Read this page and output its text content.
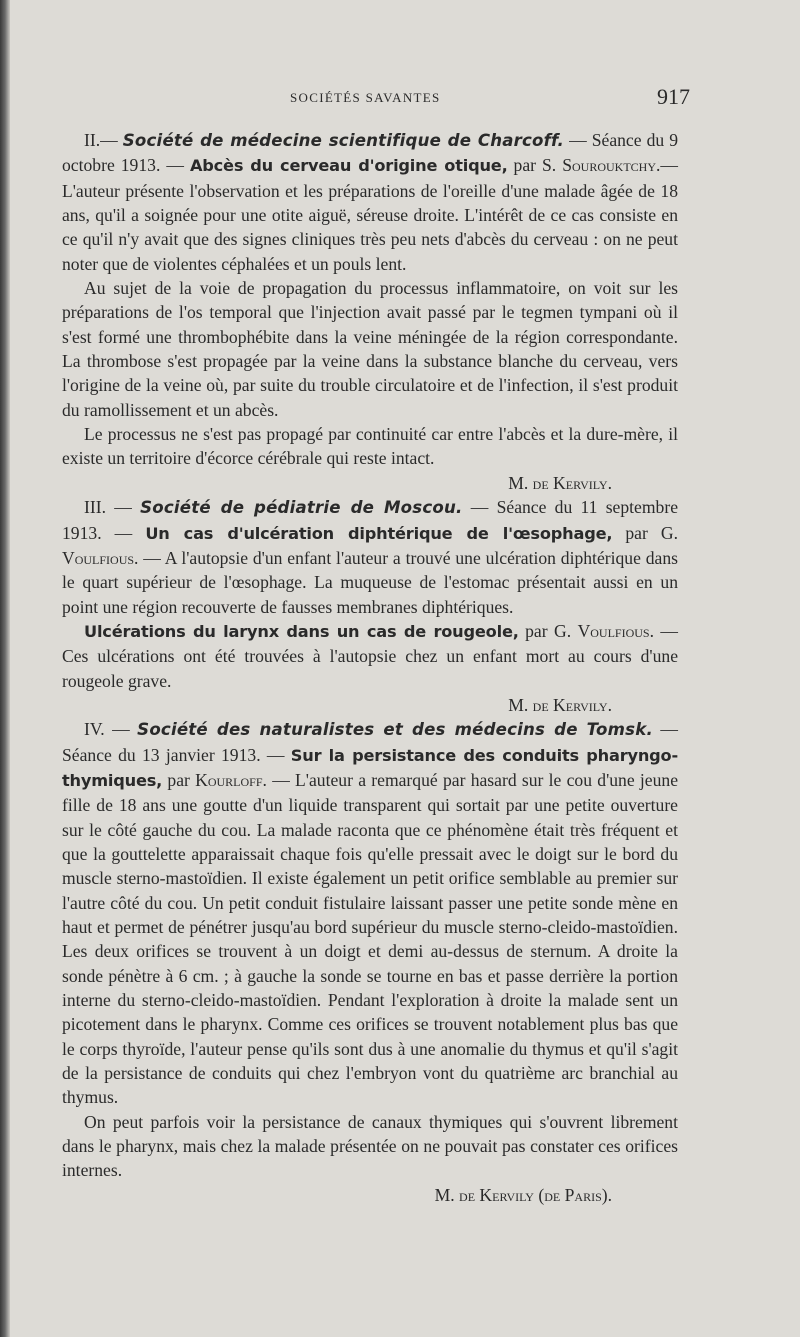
SOCIÉTÉS SAVANTES	917

II.— Société de médecine scientifique de Charcoff. — Séance du 9 octobre 1913. — Abcès du cerveau d'origine otique, par S. Sourouktchy.— L'auteur présente l'observation et les préparations de l'oreille d'une malade âgée de 18 ans, qu'il a soignée pour une otite aiguë, séreuse droite. L'intérêt de ce cas consiste en ce qu'il n'y avait que des signes cliniques très peu nets d'abcès du cerveau : on ne peut noter que de violentes céphalées et un pouls lent.

Au sujet de la voie de propagation du processus inflammatoire, on voit sur les préparations de l'os temporal que l'injection avait passé par le tegmen tympani où il s'est formé une thrombophébite dans la veine méningée de la région correspondante. La thrombose s'est propagée par la veine dans la substance blanche du cerveau, vers l'origine de la veine où, par suite du trouble circulatoire et de l'infection, il s'est produit du ramollissement et un abcès.

Le processus ne s'est pas propagé par continuité car entre l'abcès et la dure-mère, il existe un territoire d'écorce cérébrale qui reste intact.

M. de Kervily.

III. — Société de pédiatrie de Moscou. — Séance du 11 septembre 1913. — Un cas d'ulcération diphtérique de l'œsophage, par G. Voulfious. — A l'autopsie d'un enfant l'auteur a trouvé une ulcération diphtérique dans le quart supérieur de l'œsophage. La muqueuse de l'estomac présentait aussi en un point une région recouverte de fausses membranes diphtériques.

Ulcérations du larynx dans un cas de rougeole, par G. Voulfious. — Ces ulcérations ont été trouvées à l'autopsie chez un enfant mort au cours d'une rougeole grave.

M. de Kervily.

IV. — Société des naturalistes et des médecins de Tomsk. — Séance du 13 janvier 1913. — Sur la persistance des conduits pharyngo-thymiques, par Kourloff. — L'auteur a remarqué par hasard sur le cou d'une jeune fille de 18 ans une goutte d'un liquide transparent qui sortait par une petite ouverture sur le côté gauche du cou. La malade raconta que ce phénomène était très fréquent et que la gouttelette apparaissait chaque fois qu'elle pressait avec le doigt sur le bord du muscle sterno-mastoïdien. Il existe également un petit orifice semblable au premier sur l'autre côté du cou. Un petit conduit fistulaire laissant passer une petite sonde mène en haut et permet de pénétrer jusqu'au bord supérieur du muscle sterno-cleido-mastoïdien. Les deux orifices se trouvent à un doigt et demi au-dessus de sternum. A droite la sonde pénètre à 6 cm. ; à gauche la sonde se tourne en bas et passe derrière la portion interne du sterno-cleido-mastoïdien. Pendant l'exploration à droite la malade sent un picotement dans le pharynx. Comme ces orifices se trouvent notablement plus bas que le corps thyroïde, l'auteur pense qu'ils sont dus à une anomalie du thymus et qu'il s'agit de la persistance de conduits qui chez l'embryon vont du quatrième arc branchial au thymus.

On peut parfois voir la persistance de canaux thymiques qui s'ouvrent librement dans le pharynx, mais chez la malade présentée on ne pouvait pas constater ces orifices internes.

M. de Kervily (de Paris).
